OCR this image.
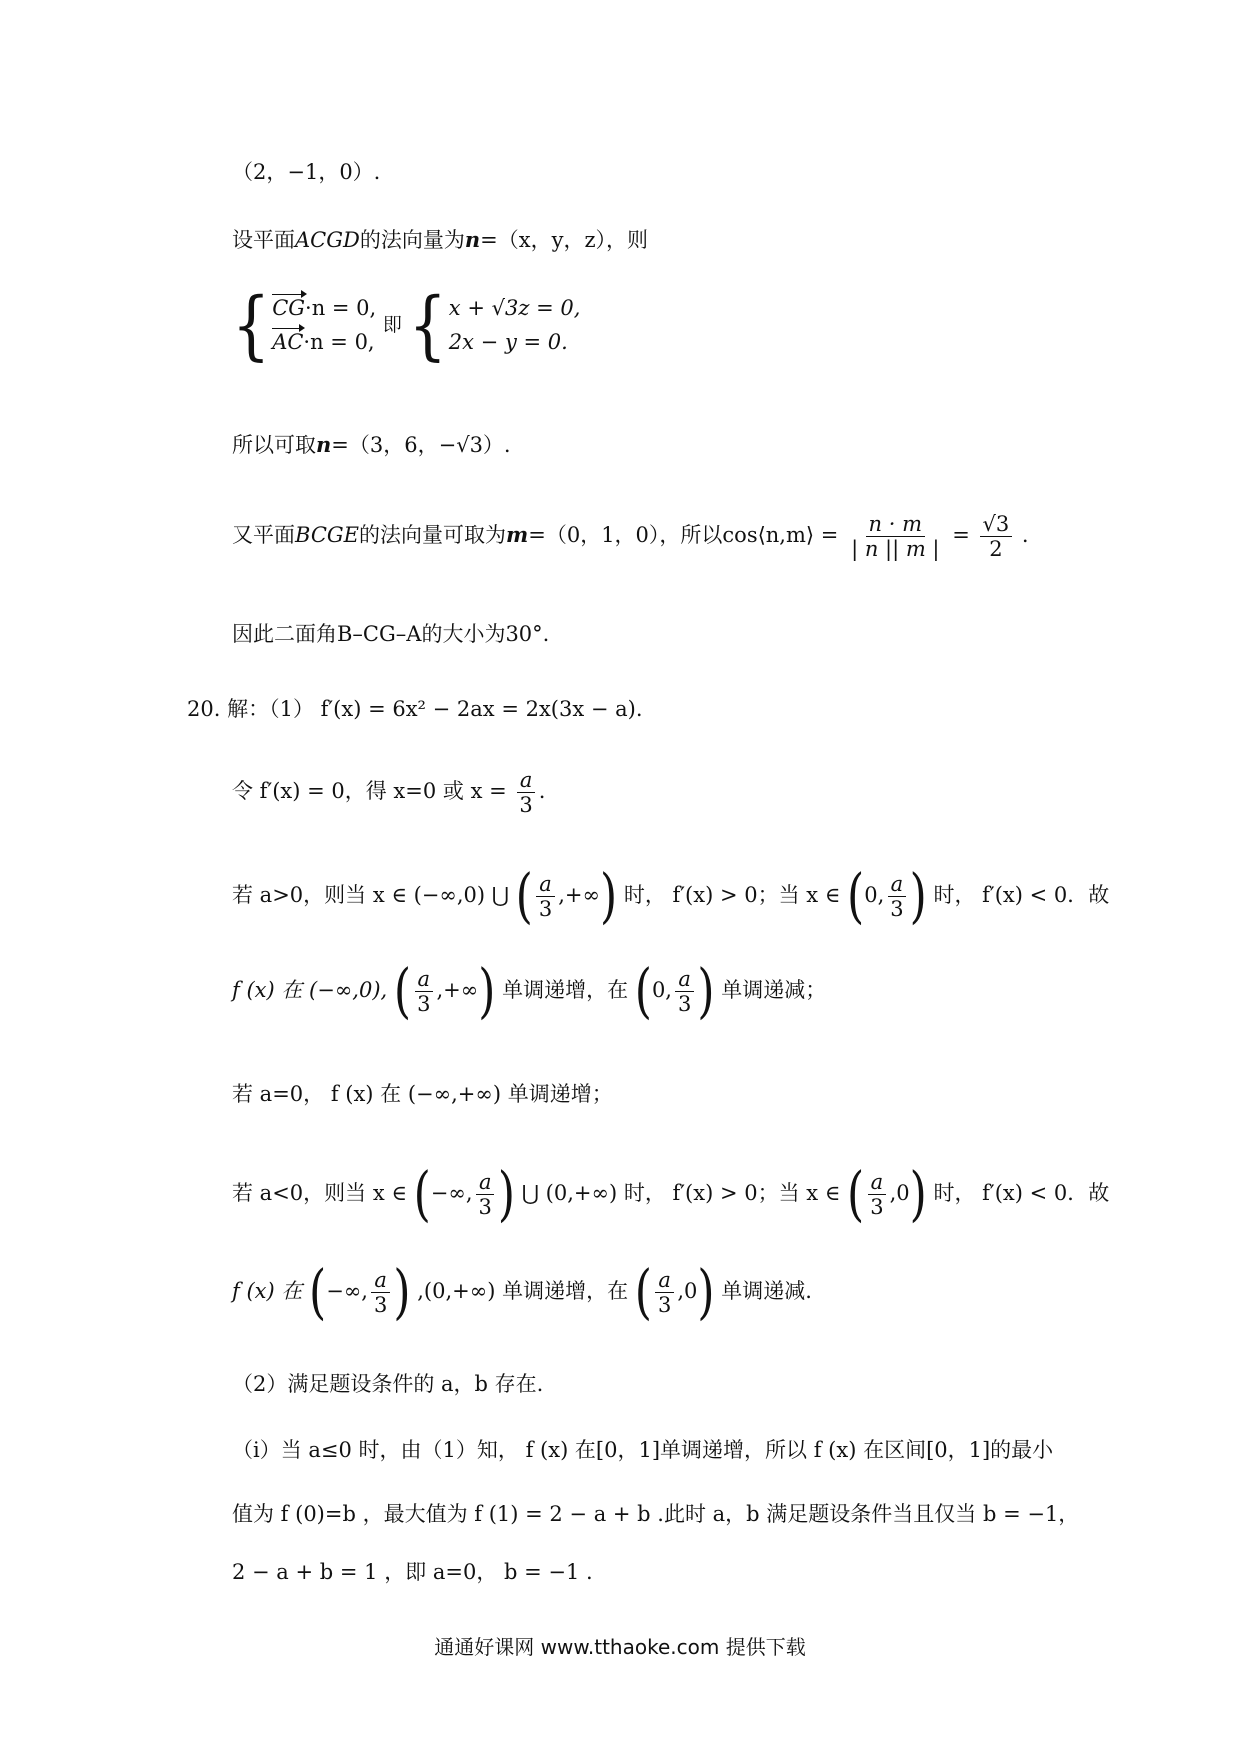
（2，−1，0）.
设平面ACGD的法向量为n=（x，y，z），则
{ CG·n = 0,
AC·n = 0,
即 { x + √3z = 0,
2x − y = 0.
所以可取n=（3，6，−√3）.
又平面BCGE的法向量可取为m=（0，1，0），所以cos⟨n,m⟩ = $\frac{n \cdot m}{| n || m |} = \frac{√3}{2}$ .
因此二面角B–CG–A的大小为30°.
20. 解：（1） f′(x) = 6x² − 2ax = 2x(3x − a).
令 f′(x) = 0，得 x=0 或 $x = \frac{a}{3}$ .
若 a>0，则当 x ∈ (−∞,0) ⋃ ( $\frac{a}{3}$ ,+∞) 时， f′(x) > 0；当 x ∈ (0, $\frac{a}{3}$ ) 时， f′(x) < 0．故
f (x) 在 (−∞,0), ( $\frac{a}{3}$ ,+∞) 单调递增，在 (0, $\frac{a}{3}$ ) 单调递减；
若 a=0， f (x) 在 (−∞,+∞) 单调递增；
若 a<0，则当 x ∈ (−∞, $\frac{a}{3}$ ) ⋃ (0,+∞) 时， f′(x) > 0；当 x ∈ ( $\frac{a}{3} ,0$) 时， f′(x) < 0．故
f (x) 在 (−∞, $\frac{a}{3}$ ) ,(0,+∞) 单调递增，在 ( $\frac{a}{3} ,0$) 单调递减.
（2）满足题设条件的 a，b 存在.
（i）当 a≤0 时，由（1）知， f (x) 在[0，1]单调递增，所以 f (x) 在区间[0，1]的最小
值为 f (0)=b ，最大值为 f (1) = 2 − a + b .此时 a，b 满足题设条件当且仅当 b = −1，
2 − a + b = 1 ，即 a=0， b = −1 .
通通好课网 www.tthaoke.com 提供下载
